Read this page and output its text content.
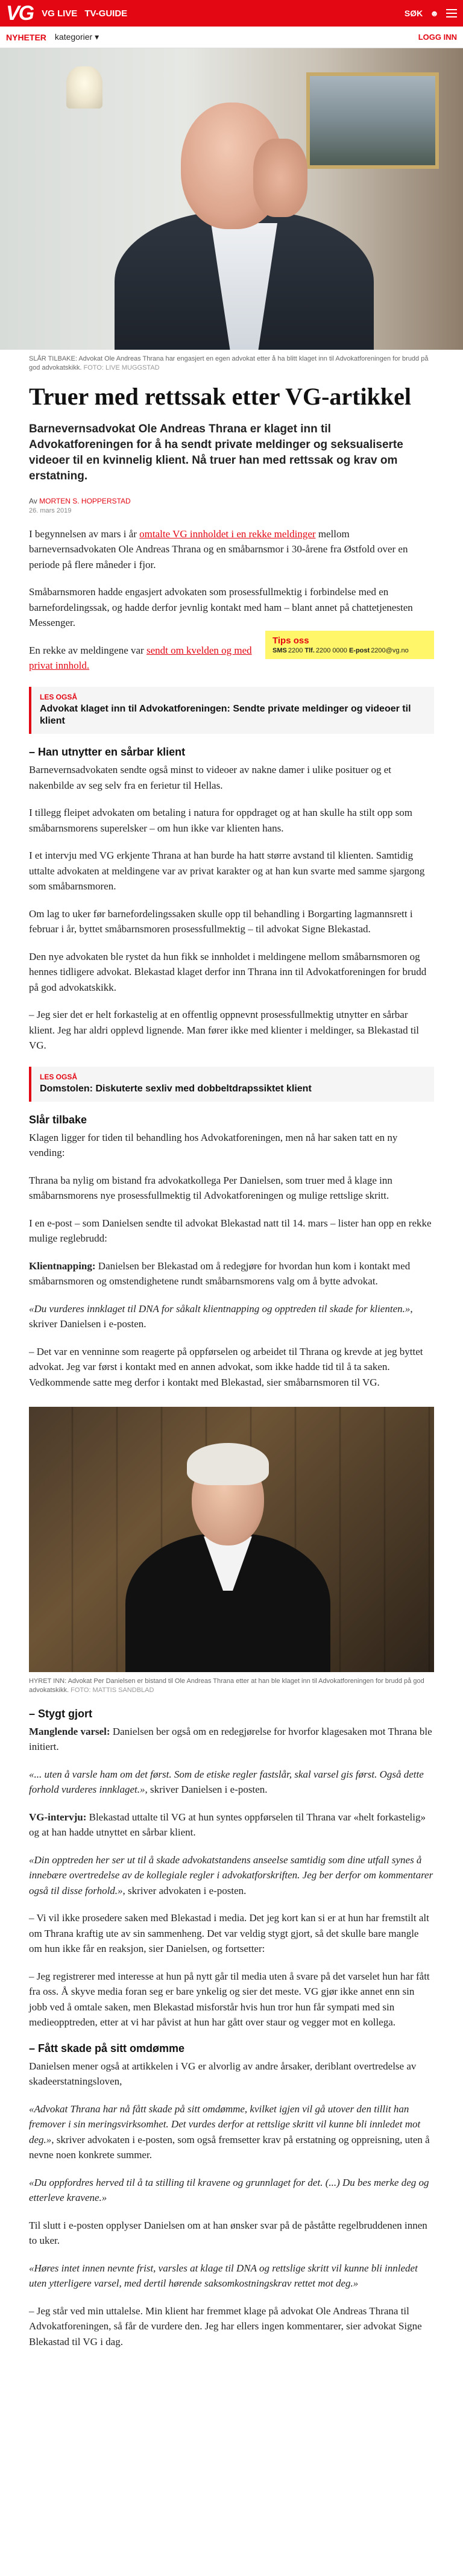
VG VG LIVE TV-GUIDE	SØK ☻
NYHETER kategorier ▾	LOGG INN
SLÅR TILBAKE: Advokat Ole Andreas Thrana har engasjert en egen advokat etter å ha blitt klaget inn til Advokatforeningen for brudd på god advokatskikk. FOTO: LIVE MUGGSTAD
Truer med rettssak etter VG-artikkel
Barnevernsadvokat Ole Andreas Thrana er klaget inn til Advokatforeningen for å ha sendt private meldinger og seksualiserte videoer til en kvinnelig klient. Nå truer han med rettssak og krav om erstatning.
Av MORTEN S. HOPPERSTAD
26. mars 2019

I begynnelsen av mars i år omtalte VG innholdet i en rekke meldinger mellom barnevernsadvokaten Ole Andreas Thrana og en småbarnsmor i 30-årene fra Østfold over en periode på flere måneder i fjor.

Småbarnsmoren hadde engasjert advokaten som prosessfullmektig i forbindelse med en barnefordelingssak, og hadde derfor jevnlig kontakt med ham – blant annet på chattetjenesten Messenger.

Tips oss
SMS 2200 Tlf. 2200 0000 E-post 2200@vg.no

En rekke av meldingene var sendt om kvelden og med privat innhold.

LES OGSÅ
Advokat klaget inn til Advokatforeningen: Sendte private meldinger og videoer til klient
– Han utnytter en sårbar klient

Barnevernsadvokaten sendte også minst to videoer av nakne damer i ulike posituer og et nakenbilde av seg selv fra en ferietur til Hellas.

I tillegg fleipet advokaten om betaling i natura for oppdraget og at han skulle ha stilt opp som småbarnsmorens superelsker – om hun ikke var klienten hans.

I et intervju med VG erkjente Thrana at han burde ha hatt større avstand til klienten. Samtidig uttalte advokaten at meldingene var av privat karakter og at han kun svarte med samme sjargong som småbarnsmoren.

Om lag to uker før barnefordelingssaken skulle opp til behandling i Borgarting lagmannsrett i februar i år, byttet småbarnsmoren prosessfullmektig – til advokat Signe Blekastad.

Den nye advokaten ble rystet da hun fikk se innholdet i meldingene mellom småbarnsmoren og hennes tidligere advokat. Blekastad klaget derfor inn Thrana inn til Advokatforeningen for brudd på god advokatskikk.

– Jeg sier det er helt forkastelig at en offentlig oppnevnt prosessfullmektig utnytter en sårbar klient. Jeg har aldri opplevd lignende. Man fører ikke med klienter i meldinger, sa Blekastad til VG.

LES OGSÅ
Domstolen: Diskuterte sexliv med dobbeltdrapssiktet klient
Slår tilbake

Klagen ligger for tiden til behandling hos Advokatforeningen, men nå har saken tatt en ny vending:

Thrana ba nylig om bistand fra advokatkollega Per Danielsen, som truer med å klage inn småbarnsmorens nye prosessfullmektig til Advokatforeningen og mulige rettslige skritt.

I en e-post – som Danielsen sendte til advokat Blekastad natt til 14. mars – lister han opp en rekke mulige reglebrudd:

Klientnapping: Danielsen ber Blekastad om å redegjøre for hvordan hun kom i kontakt med småbarnsmoren og omstendighetene rundt småbarnsmorens valg om å bytte advokat.

«Du vurderes innklaget til DNA for såkalt klientnapping og opptreden til skade for klienten.», skriver Danielsen i e-posten.

– Det var en venninne som reagerte på oppførselen og arbeidet til Thrana og krevde at jeg byttet advokat. Jeg var først i kontakt med en annen advokat, som ikke hadde tid til å ta saken. Vedkommende satte meg derfor i kontakt med Blekastad, sier småbarnsmoren til VG.

HYRET INN: Advokat Per Danielsen er bistand til Ole Andreas Thrana etter at han ble klaget inn til Advokatforeningen for brudd på god advokatskikk. FOTO: MATTIS SANDBLAD
– Stygt gjort

Manglende varsel: Danielsen ber også om en redegjørelse for hvorfor klagesaken mot Thrana ble initiert.

«... uten å varsle ham om det først. Som de etiske regler fastslår, skal varsel gis først. Også dette forhold vurderes innklaget.», skriver Danielsen i e-posten.

VG-intervju: Blekastad uttalte til VG at hun syntes oppførselen til Thrana var «helt forkastelig» og at han hadde utnyttet en sårbar klient.

«Din opptreden her ser ut til å skade advokatstandens anseelse samtidig som dine utfall synes å innebære overtredelse av de kollegiale regler i advokatforskriften. Jeg ber derfor om kommentarer også til disse forhold.», skriver advokaten i e-posten.

– Vi vil ikke prosedere saken med Blekastad i media. Det jeg kort kan si er at hun har fremstilt alt om Thrana kraftig ute av sin sammenheng. Det var veldig stygt gjort, så det skulle bare mangle om hun ikke får en reaksjon, sier Danielsen, og fortsetter:

– Jeg registrerer med interesse at hun på nytt går til media uten å svare på det varselet hun har fått fra oss. Å skyve media foran seg er bare ynkelig og sier det meste. VG gjør ikke annet enn sin jobb ved å omtale saken, men Blekastad misforstår hvis hun tror hun får sympati med sin medieopptreden, etter at vi har påvist at hun har gått over staur og vegger mot en kollega.

– Fått skade på sitt omdømme

Danielsen mener også at artikkelen i VG er alvorlig av andre årsaker, deriblant overtredelse av skadeerstatningsloven,

«Advokat Thrana har nå fått skade på sitt omdømme, kvilket igjen vil gå utover den tillit han fremover i sin meringsvirksomhet. Det vurdes derfor at rettslige skritt vil kunne bli innledet mot deg.», skriver advokaten i e-posten, som også fremsetter krav på erstatning og oppreisning, uten å nevne noen konkrete summer.

«Du oppfordres herved til å ta stilling til kravene og grunnlaget for det. (...) Du bes merke deg og etterleve kravene.»

Til slutt i e-posten opplyser Danielsen om at han ønsker svar på de påståtte regelbruddenen innen to uker.

«Høres intet innen nevnte frist, varsles at klage til DNA og rettslige skritt vil kunne bli innledet uten ytterligere varsel, med dertil hørende saksomkostningskrav rettet mot deg.»

– Jeg står ved min uttalelse. Min klient har fremmet klage på advokat Ole Andreas Thrana til Advokatforeningen, så får de vurdere den. Jeg har ellers ingen kommentarer, sier advokat Signe Blekastad til VG i dag.
